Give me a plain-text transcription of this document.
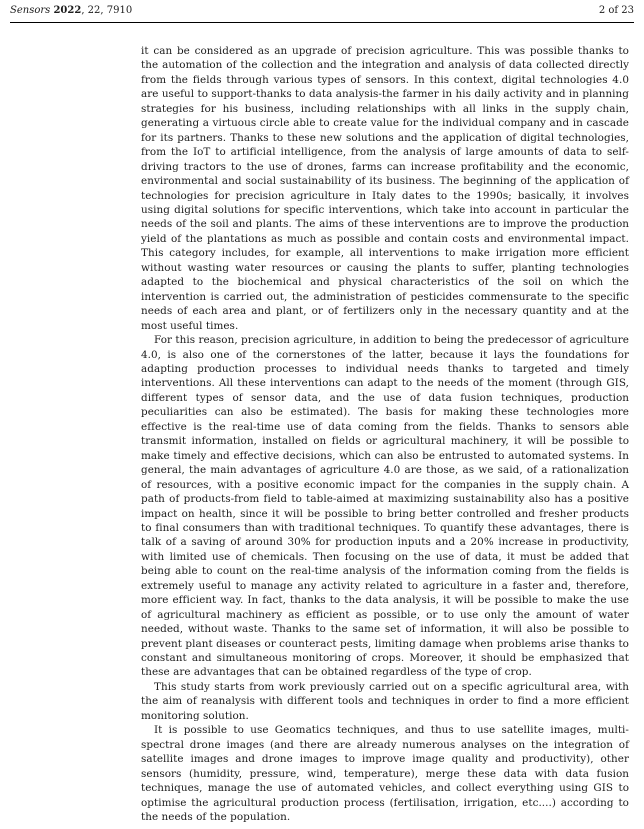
Sensors 2022, 22, 7910	2 of 23

it can be considered as an upgrade of precision agriculture. This was possible thanks to the automation of the collection and the integration and analysis of data collected directly from the fields through various types of sensors. In this context, digital technologies 4.0 are useful to support-thanks to data analysis-the farmer in his daily activity and in planning strategies for his business, including relationships with all links in the supply chain, generating a virtuous circle able to create value for the individual company and in cascade for its partners. Thanks to these new solutions and the application of digital technologies, from the IoT to artificial intelligence, from the analysis of large amounts of data to self-driving tractors to the use of drones, farms can increase profitability and the economic, environmental and social sustainability of its business. The beginning of the application of technologies for precision agriculture in Italy dates to the 1990s; basically, it involves using digital solutions for specific interventions, which take into account in particular the needs of the soil and plants. The aims of these interventions are to improve the production yield of the plantations as much as possible and contain costs and environmental impact. This category includes, for example, all interventions to make irrigation more efficient without wasting water resources or causing the plants to suffer, planting technologies adapted to the biochemical and physical characteristics of the soil on which the intervention is carried out, the administration of pesticides commensurate to the specific needs of each area and plant, or of fertilizers only in the necessary quantity and at the most useful times.

For this reason, precision agriculture, in addition to being the predecessor of agriculture 4.0, is also one of the cornerstones of the latter, because it lays the foundations for adapting production processes to individual needs thanks to targeted and timely interventions. All these interventions can adapt to the needs of the moment (through GIS, different types of sensor data, and the use of data fusion techniques, production peculiarities can also be estimated). The basis for making these technologies more effective is the real-time use of data coming from the fields. Thanks to sensors able transmit information, installed on fields or agricultural machinery, it will be possible to make timely and effective decisions, which can also be entrusted to automated systems. In general, the main advantages of agriculture 4.0 are those, as we said, of a rationalization of resources, with a positive economic impact for the companies in the supply chain. A path of products-from field to table-aimed at maximizing sustainability also has a positive impact on health, since it will be possible to bring better controlled and fresher products to final consumers than with traditional techniques. To quantify these advantages, there is talk of a saving of around 30% for production inputs and a 20% increase in productivity, with limited use of chemicals. Then focusing on the use of data, it must be added that being able to count on the real-time analysis of the information coming from the fields is extremely useful to manage any activity related to agriculture in a faster and, therefore, more efficient way. In fact, thanks to the data analysis, it will be possible to make the use of agricultural machinery as efficient as possible, or to use only the amount of water needed, without waste. Thanks to the same set of information, it will also be possible to prevent plant diseases or counteract pests, limiting damage when problems arise thanks to constant and simultaneous monitoring of crops. Moreover, it should be emphasized that these are advantages that can be obtained regardless of the type of crop.

This study starts from work previously carried out on a specific agricultural area, with the aim of reanalysis with different tools and techniques in order to find a more efficient monitoring solution.

It is possible to use Geomatics techniques, and thus to use satellite images, multi-spectral drone images (and there are already numerous analyses on the integration of satellite images and drone images to improve image quality and productivity), other sensors (humidity, pressure, wind, temperature), merge these data with data fusion techniques, manage the use of automated vehicles, and collect everything using GIS to optimise the agricultural production process (fertilisation, irrigation, etc....) according to the needs of the population.
